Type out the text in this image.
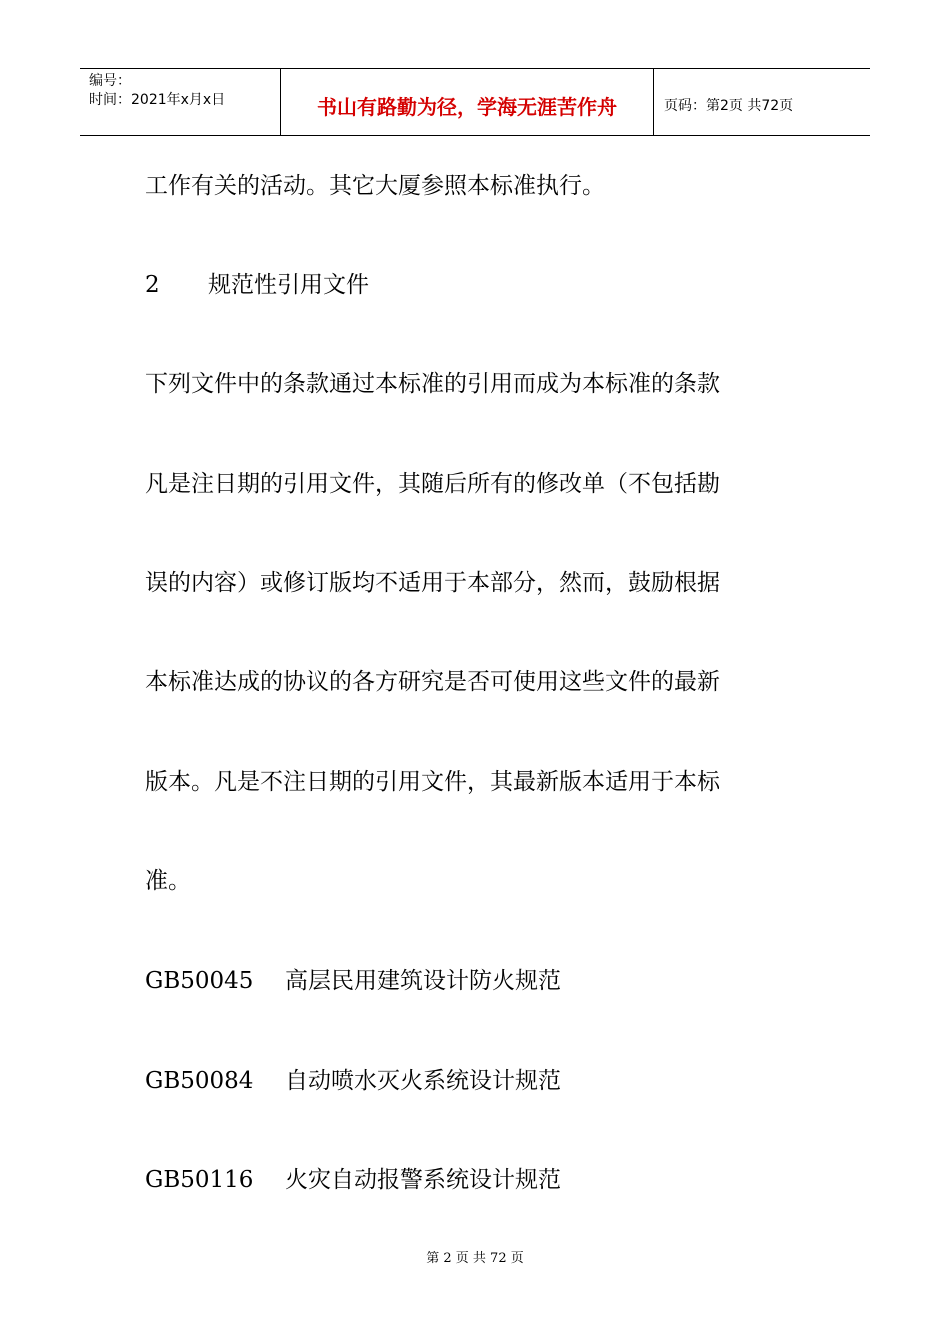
编号：
时间：2021年x月x日	书山有路勤为径，学海无涯苦作舟	页码：第2页 共72页
工作有关的活动。其它大厦参照本标准执行。
2 规范性引用文件
下列文件中的条款通过本标准的引用而成为本标准的条款
凡是注日期的引用文件，其随后所有的修改单（不包括勘
误的内容）或修订版均不适用于本部分，然而，鼓励根据
本标准达成的协议的各方研究是否可使用这些文件的最新
版本。凡是不注日期的引用文件，其最新版本适用于本标
准。
GB50045 高层民用建筑设计防火规范
GB50084 自动喷水灭火系统设计规范
GB50116 火灾自动报警系统设计规范
第 2 页 共 72 页
